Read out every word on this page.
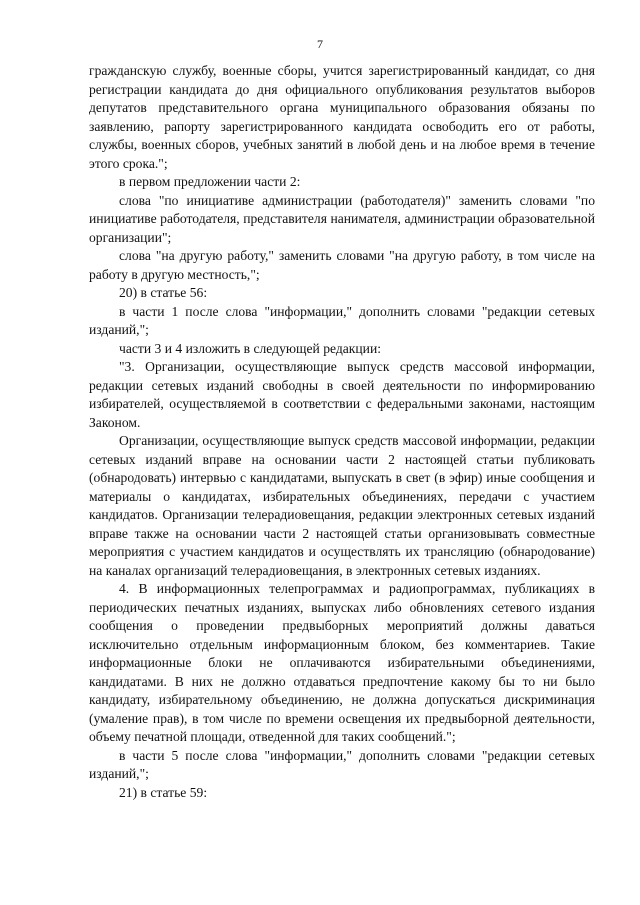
7

гражданскую службу, военные сборы, учится зарегистрированный кандидат, со дня регистрации кандидата до дня официального опубликования результатов выборов депутатов представительного органа муниципального образования обязаны по заявлению, рапорту зарегистрированного кандидата освободить его от работы, службы, военных сборов, учебных занятий в любой день и на любое время в течение этого срока.";

в первом предложении части 2:

слова "по инициативе администрации (работодателя)" заменить словами "по инициативе работодателя, представителя нанимателя, администрации образовательной организации";

слова "на другую работу," заменить словами "на другую работу, в том числе на работу в другую местность,";

20) в статье 56:

в части 1 после слова "информации," дополнить словами "редакции сетевых изданий,";

части 3 и 4 изложить в следующей редакции:

"3. Организации, осуществляющие выпуск средств массовой информации, редакции сетевых изданий свободны в своей деятельности по информированию избирателей, осуществляемой в соответствии с федеральными законами, настоящим Законом.

Организации, осуществляющие выпуск средств массовой информации, редакции сетевых изданий вправе на основании части 2 настоящей статьи публиковать (обнародовать) интервью с кандидатами, выпускать в свет (в эфир) иные сообщения и материалы о кандидатах, избирательных объединениях, передачи с участием кандидатов. Организации телерадиовещания, редакции электронных сетевых изданий вправе также на основании части 2 настоящей статьи организовывать совместные мероприятия с участием кандидатов и осуществлять их трансляцию (обнародование) на каналах организаций телерадиовещания, в электронных сетевых изданиях.

4. В информационных телепрограммах и радиопрограммах, публикациях в периодических печатных изданиях, выпусках либо обновлениях сетевого издания сообщения о проведении предвыборных мероприятий должны даваться исключительно отдельным информационным блоком, без комментариев. Такие информационные блоки не оплачиваются избирательными объединениями, кандидатами. В них не должно отдаваться предпочтение какому бы то ни было кандидату, избирательному объединению, не должна допускаться дискриминация (умаление прав), в том числе по времени освещения их предвыборной деятельности, объему печатной площади, отведенной для таких сообщений.";

в части 5 после слова "информации," дополнить словами "редакции сетевых изданий,";

21) в статье 59:
